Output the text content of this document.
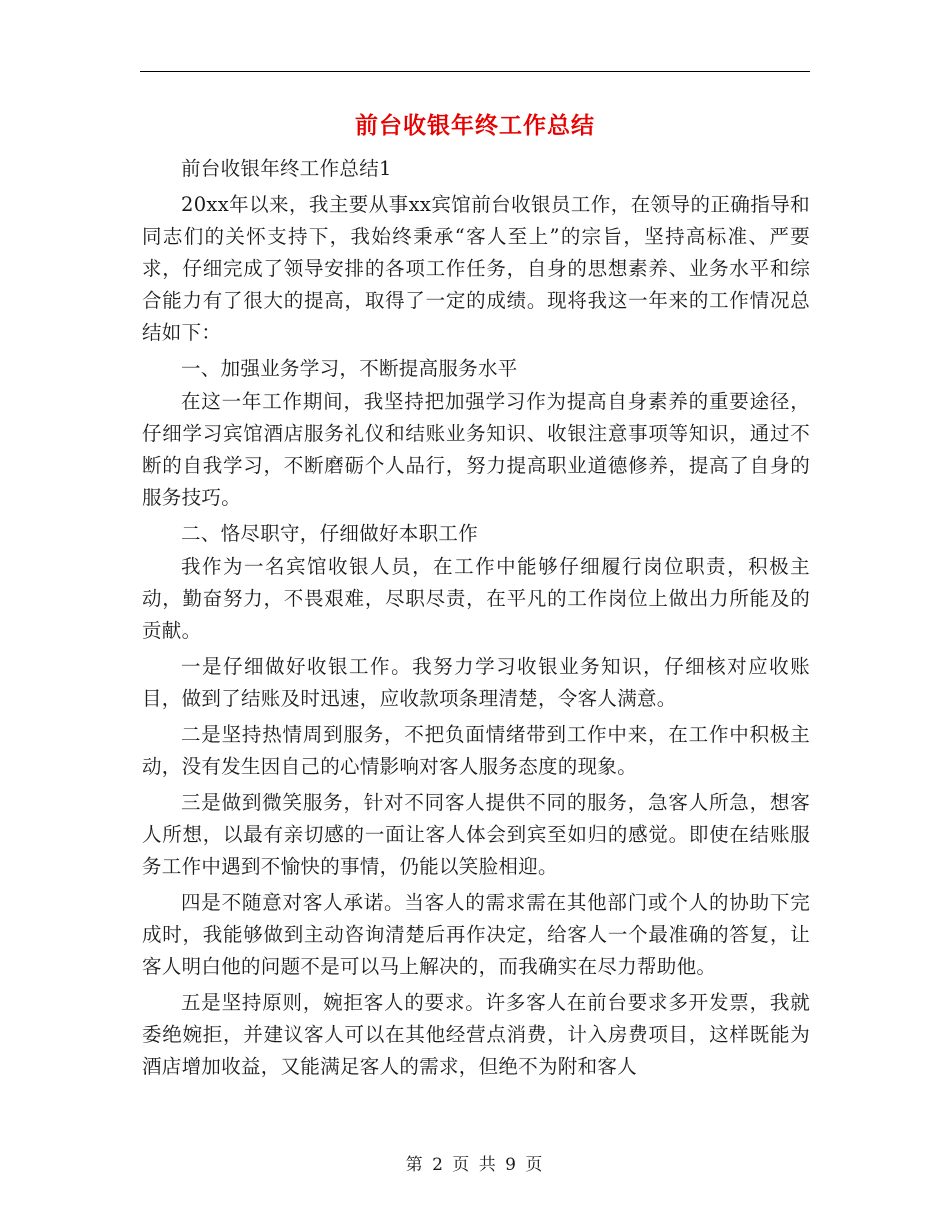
前台收银年终工作总结

前台收银年终工作总结1

20xx年以来，我主要从事xx宾馆前台收银员工作，在领导的正确指导和同志们的关怀支持下，我始终秉承“客人至上”的宗旨，坚持高标准、严要求，仔细完成了领导安排的各项工作任务，自身的思想素养、业务水平和综合能力有了很大的提高，取得了一定的成绩。现将我这一年来的工作情况总结如下：

一、加强业务学习，不断提高服务水平

在这一年工作期间，我坚持把加强学习作为提高自身素养的重要途径，仔细学习宾馆酒店服务礼仪和结账业务知识、收银注意事项等知识，通过不断的自我学习，不断磨砺个人品行，努力提高职业道德修养，提高了自身的服务技巧。

二、恪尽职守，仔细做好本职工作

我作为一名宾馆收银人员，在工作中能够仔细履行岗位职责，积极主动，勤奋努力，不畏艰难，尽职尽责，在平凡的工作岗位上做出力所能及的贡献。

一是仔细做好收银工作。我努力学习收银业务知识，仔细核对应收账目，做到了结账及时迅速，应收款项条理清楚，令客人满意。

二是坚持热情周到服务，不把负面情绪带到工作中来，在工作中积极主动，没有发生因自己的心情影响对客人服务态度的现象。

三是做到微笑服务，针对不同客人提供不同的服务，急客人所急，想客人所想，以最有亲切感的一面让客人体会到宾至如归的感觉。即使在结账服务工作中遇到不愉快的事情，仍能以笑脸相迎。

四是不随意对客人承诺。当客人的需求需在其他部门或个人的协助下完成时，我能够做到主动咨询清楚后再作决定，给客人一个最准确的答复，让客人明白他的问题不是可以马上解决的，而我确实在尽力帮助他。

五是坚持原则，婉拒客人的要求。许多客人在前台要求多开发票，我就委绝婉拒，并建议客人可以在其他经营点消费，计入房费项目，这样既能为酒店增加收益，又能满足客人的需求，但绝不为附和客人

第 2 页 共 9 页
